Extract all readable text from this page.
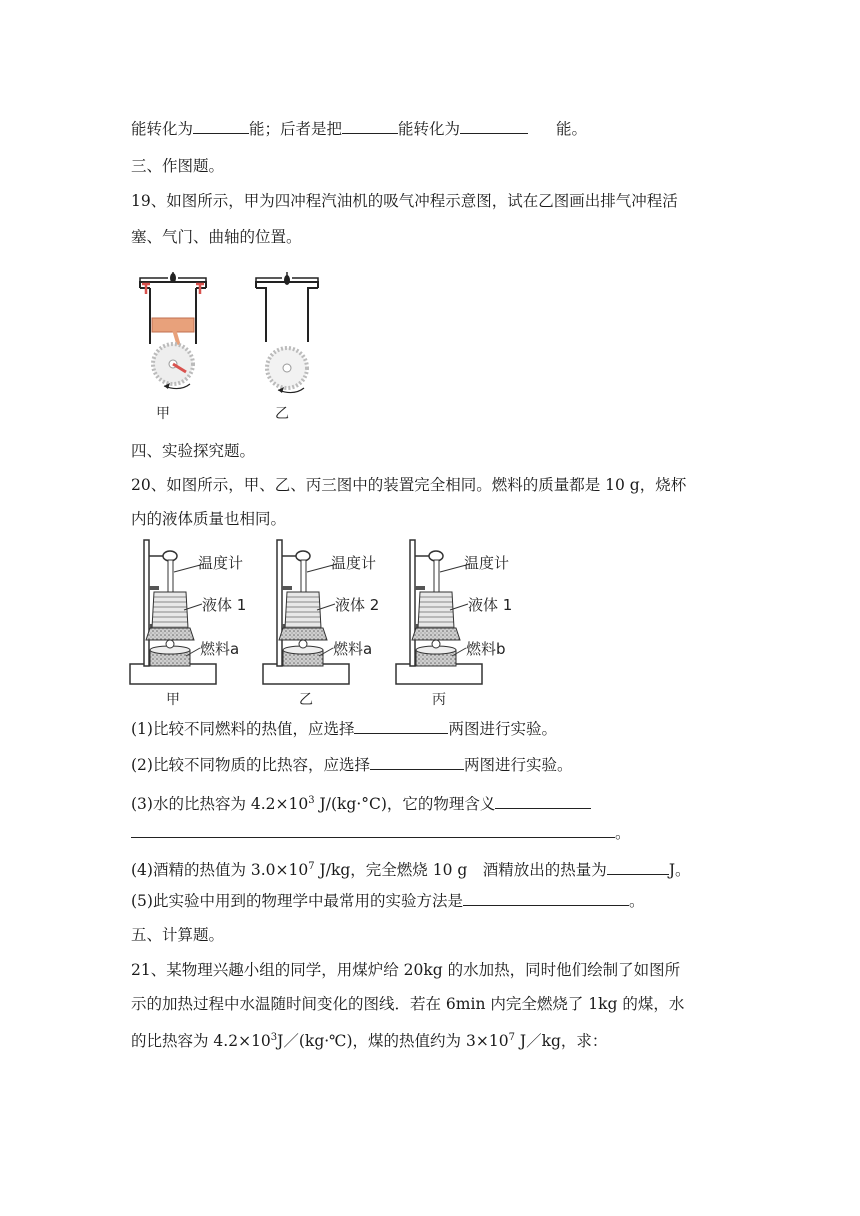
能转化为	能；后者是把	能转化为	能。
三、作图题。
19、如图所示，甲为四冲程汽油机的吸气冲程示意图，试在乙图画出排气冲程活
塞、气门、曲轴的位置。
甲	乙
四、实验探究题。
20、如图所示，甲、乙、丙三图中的装置完全相同。燃料的质量都是 10 g，烧杯
内的液体质量也相同。
温度计
液体 1
燃料a
甲
温度计
液体 2
燃料a
乙
温度计
液体 1
燃料b
丙
(1)比较不同燃料的热值，应选择	两图进行实验。
(2)比较不同物质的比热容，应选择	两图进行实验。
(3)水的比热容为 $4.2\times 10^3$ J/(kg·°C)，它的物理含义
。
(4)酒精的热值为 $3.0\times 10^7$ J/kg，完全燃烧 10 g　酒精放出的热量为	J。
(5)此实验中用到的物理学中最常用的实验方法是	。
五、计算题。
21、某物理兴趣小组的同学，用煤炉给 20kg 的水加热，同时他们绘制了如图所
示的加热过程中水温随时间变化的图线．若在 6min 内完全燃烧了 1kg 的煤，水
的比热容为 $4.2\times 10^3J/(kg\cdot℃)$，煤的热值约为 $3\times 10^7$ J／kg，求：
